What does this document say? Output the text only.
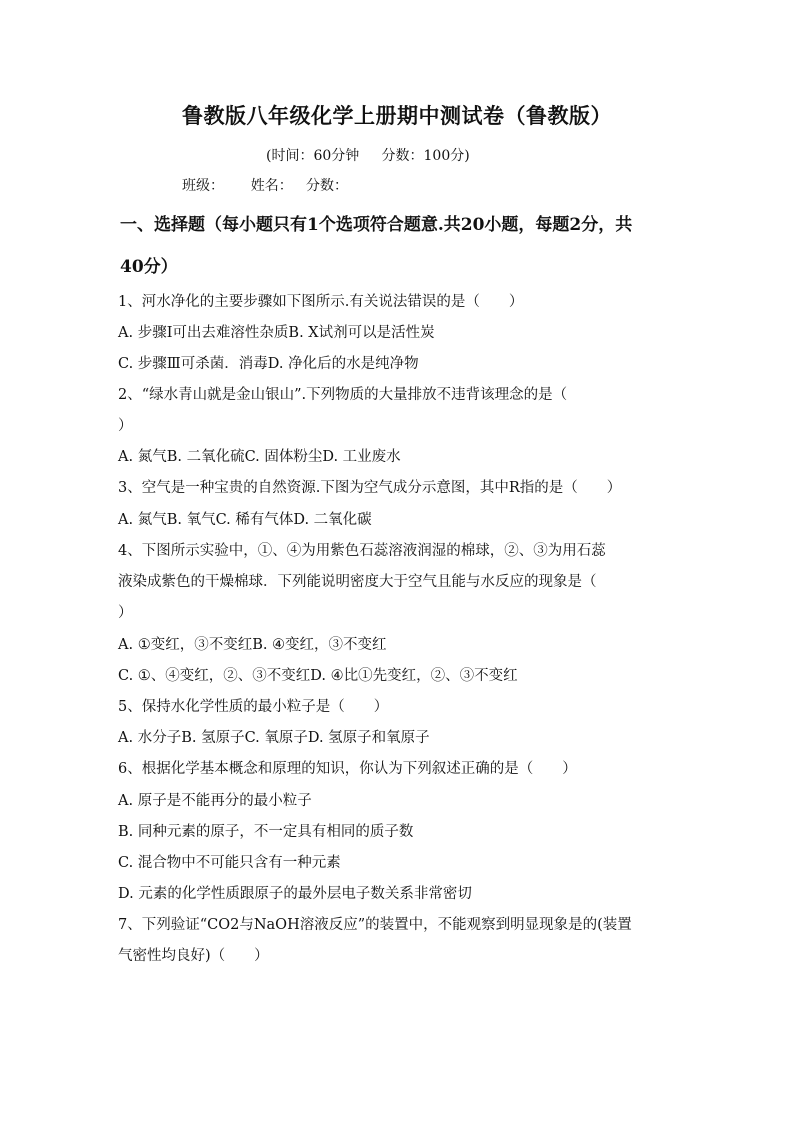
鲁教版八年级化学上册期中测试卷（鲁教版）
(时间：60分钟     分数：100分)
班级：      姓名：   分数：
一、选择题（每小题只有1个选项符合题意.共20小题，每题2分，共
40分）
1、河水净化的主要步骤如下图所示.有关说法错误的是（　　）
A. 步骤Ⅰ可出去难溶性杂质B. X试剂可以是活性炭
C. 步骤Ⅲ可杀菌．消毒D. 净化后的水是纯净物
2、“绿水青山就是金山银山”.下列物质的大量排放不违背该理念的是（
）
A. 氮气B. 二氧化硫C. 固体粉尘D. 工业废水
3、空气是一种宝贵的自然资源.下图为空气成分示意图，其中R指的是（　　）
A. 氮气B. 氧气C. 稀有气体D. 二氧化碳
4、下图所示实验中，①、④为用紫色石蕊溶液润湿的棉球，②、③为用石蕊
液染成紫色的干燥棉球．下列能说明密度大于空气且能与水反应的现象是（
）
A. ①变红，③不变红B. ④变红，③不变红
C. ①、④变红，②、③不变红D. ④比①先变红，②、③不变红
5、保持水化学性质的最小粒子是（　　）
A. 水分子B. 氢原子C. 氧原子D. 氢原子和氧原子
6、根据化学基本概念和原理的知识，你认为下列叙述正确的是（　　）
A. 原子是不能再分的最小粒子
B. 同种元素的原子，不一定具有相同的质子数
C. 混合物中不可能只含有一种元素
D. 元素的化学性质跟原子的最外层电子数关系非常密切
7、下列验证“CO2与NaOH溶液反应”的装置中，不能观察到明显现象是的(装置
气密性均良好)（　　）
